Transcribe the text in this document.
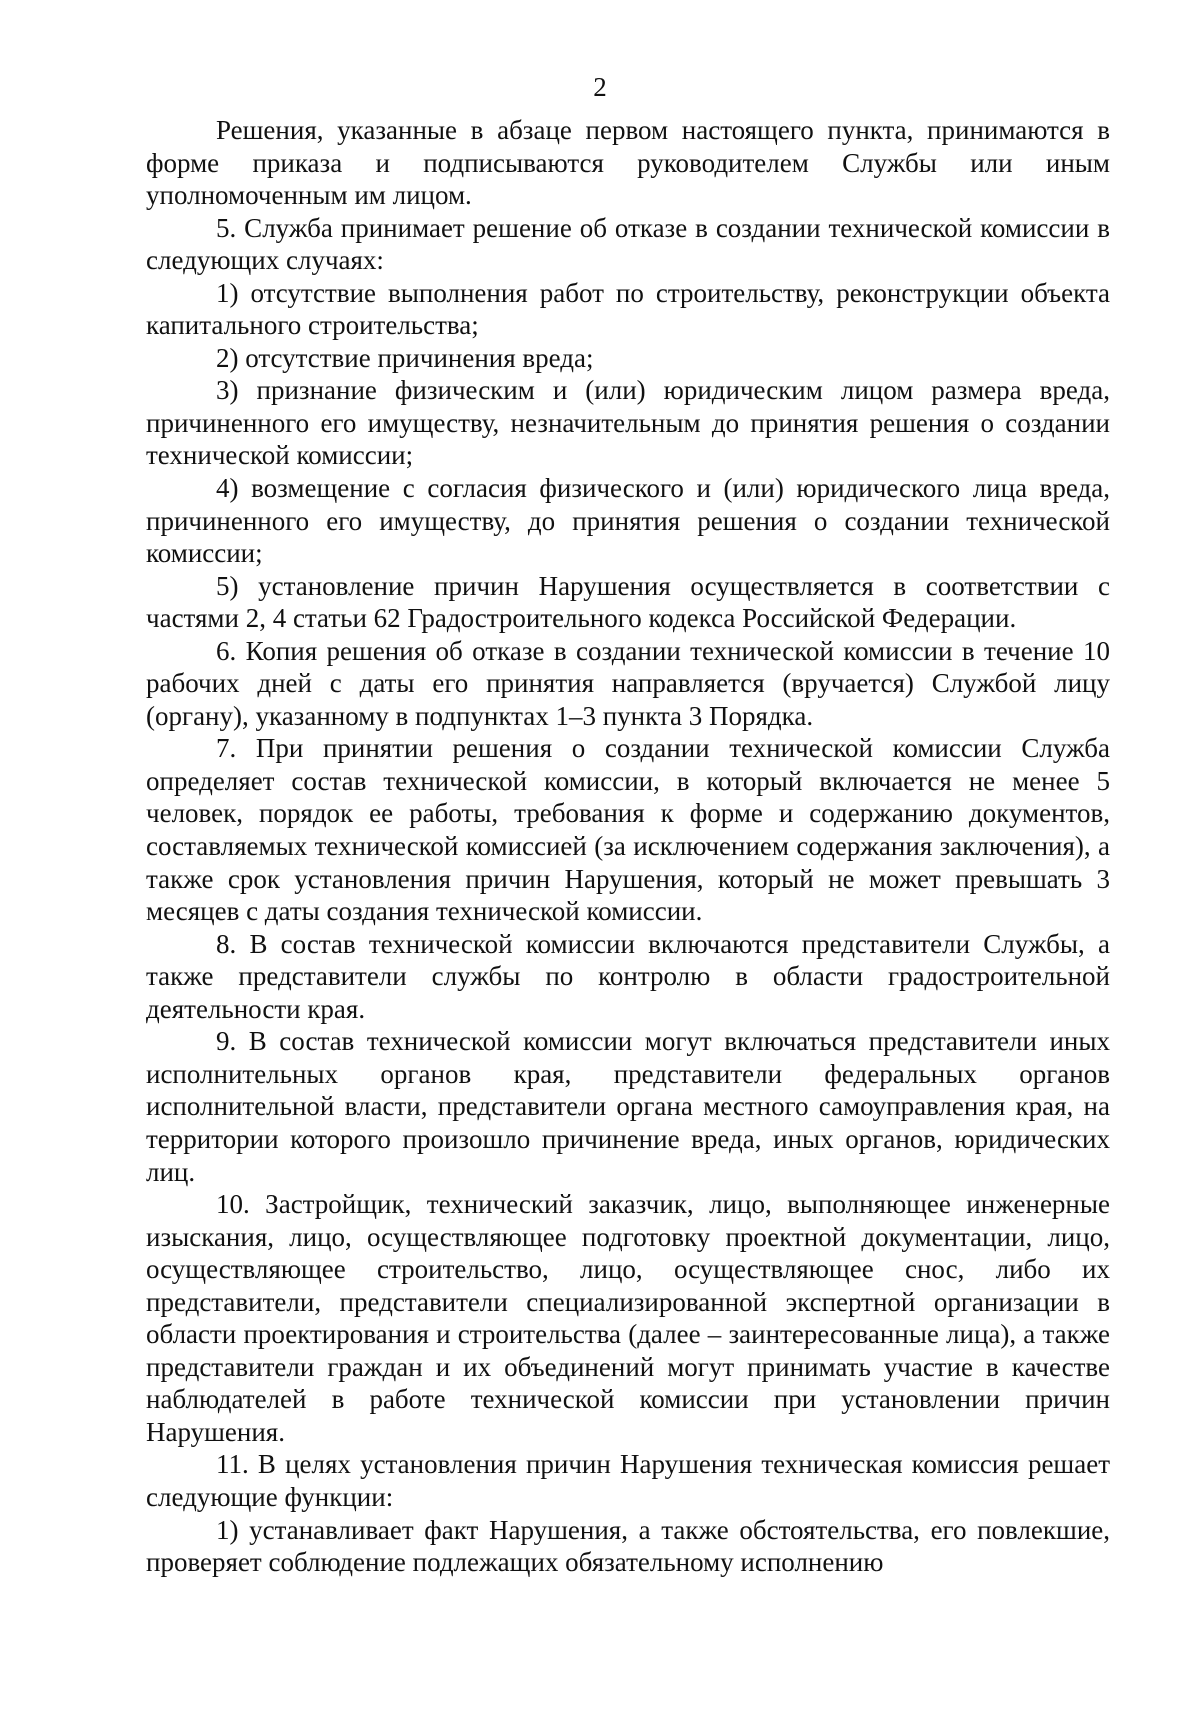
2

Решения, указанные в абзаце первом настоящего пункта, принимаются в форме приказа и подписываются руководителем Службы или иным уполномоченным им лицом.

5. Служба принимает решение об отказе в создании технической комиссии в следующих случаях:

1) отсутствие выполнения работ по строительству, реконструкции объекта капитального строительства;

2) отсутствие причинения вреда;

3) признание физическим и (или) юридическим лицом размера вреда, причиненного его имуществу, незначительным до принятия решения о создании технической комиссии;

4) возмещение с согласия физического и (или) юридического лица вреда, причиненного его имуществу, до принятия решения о создании технической комиссии;

5) установление причин Нарушения осуществляется в соответствии с частями 2, 4 статьи 62 Градостроительного кодекса Российской Федерации.

6. Копия решения об отказе в создании технической комиссии в течение 10 рабочих дней с даты его принятия направляется (вручается) Службой лицу (органу), указанному в подпунктах 1–3 пункта 3 Порядка.

7. При принятии решения о создании технической комиссии Служба определяет состав технической комиссии, в который включается не менее 5 человек, порядок ее работы, требования к форме и содержанию документов, составляемых технической комиссией (за исключением содержания заключения), а также срок установления причин Нарушения, который не может превышать 3 месяцев с даты создания технической комиссии.

8. В состав технической комиссии включаются представители Службы, а также представители службы по контролю в области градостроительной деятельности края.

9. В состав технической комиссии могут включаться представители иных исполнительных органов края, представители федеральных органов исполнительной власти, представители органа местного самоуправления края, на территории которого произошло причинение вреда, иных органов, юридических лиц.

10. Застройщик, технический заказчик, лицо, выполняющее инженерные изыскания, лицо, осуществляющее подготовку проектной документации, лицо, осуществляющее строительство, лицо, осуществляющее снос, либо их представители, представители специализированной экспертной организации в области проектирования и строительства (далее – заинтересованные лица), а также представители граждан и их объединений могут принимать участие в качестве наблюдателей в работе технической комиссии при установлении причин Нарушения.

11. В целях установления причин Нарушения техническая комиссия решает следующие функции:

1) устанавливает факт Нарушения, а также обстоятельства, его повлекшие, проверяет соблюдение подлежащих обязательному исполнению
